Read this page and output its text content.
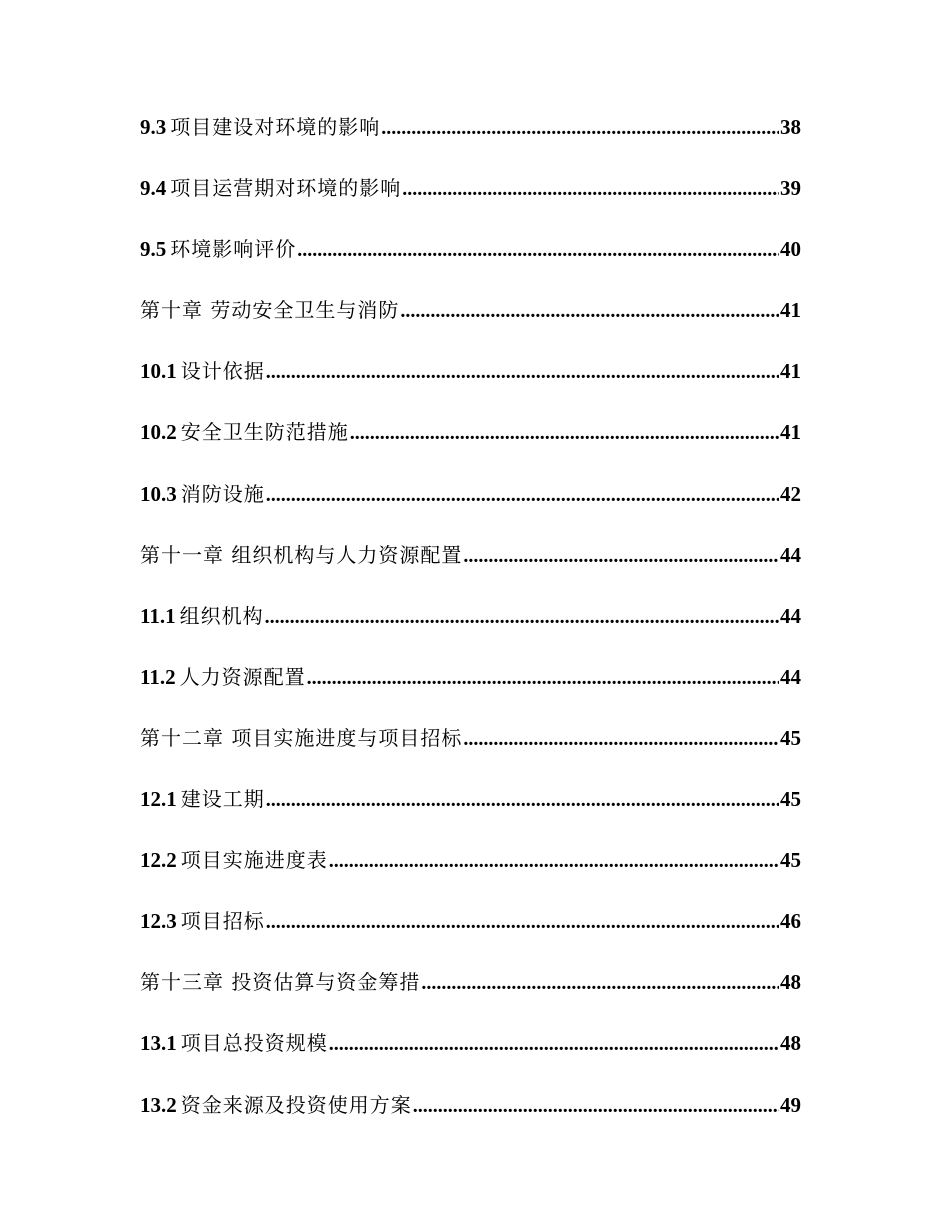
9.3 项目建设对环境的影响 .....	38
9.4 项目运营期对环境的影响 .....	39
9.5 环境影响评价 .....	40
第十章 劳动安全卫生与消防 .....	41
10.1 设计依据 .....	41
10.2 安全卫生防范措施 .....	41
10.3 消防设施 .....	42
第十一章 组织机构与人力资源配置 .....	44
11.1 组织机构 .....	44
11.2 人力资源配置 .....	44
第十二章 项目实施进度与项目招标 .....	45
12.1 建设工期 .....	45
12.2 项目实施进度表 .....	45
12.3 项目招标 .....	46
第十三章 投资估算与资金筹措 .....	48
13.1 项目总投资规模 .....	48
13.2 资金来源及投资使用方案 .....	49
